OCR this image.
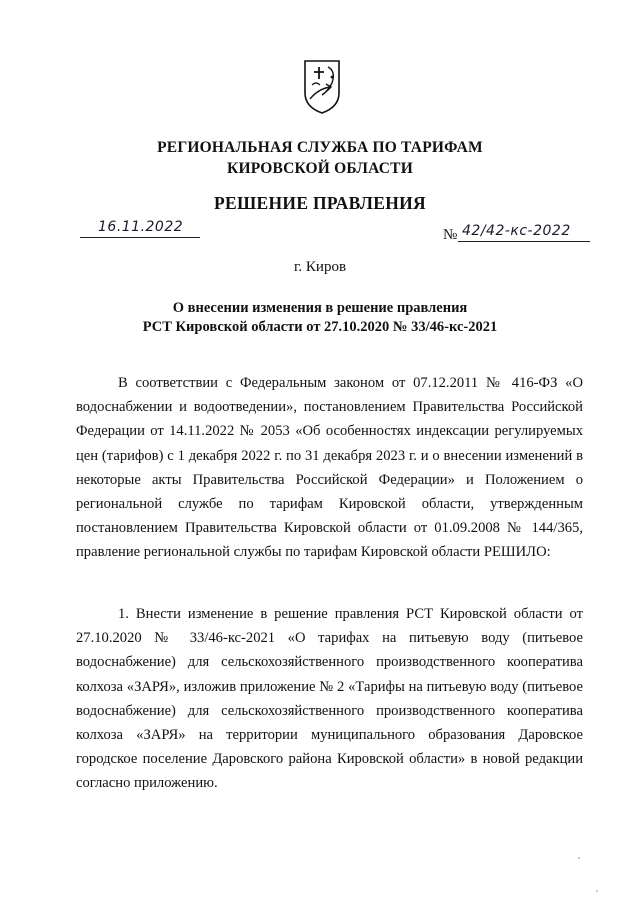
РЕГИОНАЛЬНАЯ СЛУЖБА ПО ТАРИФАМ
КИРОВСКОЙ ОБЛАСТИ
РЕШЕНИЕ ПРАВЛЕНИЯ
16.11.2022	№ 42/42-кс-2022
г. Киров
О внесении изменения в решение правления
РСТ Кировской области от 27.10.2020 № 33/46-кс-2021
В соответствии с Федеральным законом от 07.12.2011 № 416-ФЗ «О водоснабжении и водоотведении», постановлением Правительства Российской Федерации от 14.11.2022 № 2053 «Об особенностях индексации регулируемых цен (тарифов) с 1 декабря 2022 г. по 31 декабря 2023 г. и о внесении изменений в некоторые акты Правительства Российской Федерации» и Положением о региональной службе по тарифам Кировской области, утвержденным постановлением Правительства Кировской области от 01.09.2008 № 144/365, правление региональной службы по тарифам Кировской области РЕШИЛО:
1. Внести изменение в решение правления РСТ Кировской области от 27.10.2020 № 33/46-кс-2021 «О тарифах на питьевую воду (питьевое водоснабжение) для сельскохозяйственного производственного кооператива колхоза «ЗАРЯ», изложив приложение № 2 «Тарифы на питьевую воду (питьевое водоснабжение) для сельскохозяйственного производственного кооператива колхоза «ЗАРЯ» на территории муниципального образования Даровское городское поселение Даровского района Кировской области» в новой редакции согласно приложению.
